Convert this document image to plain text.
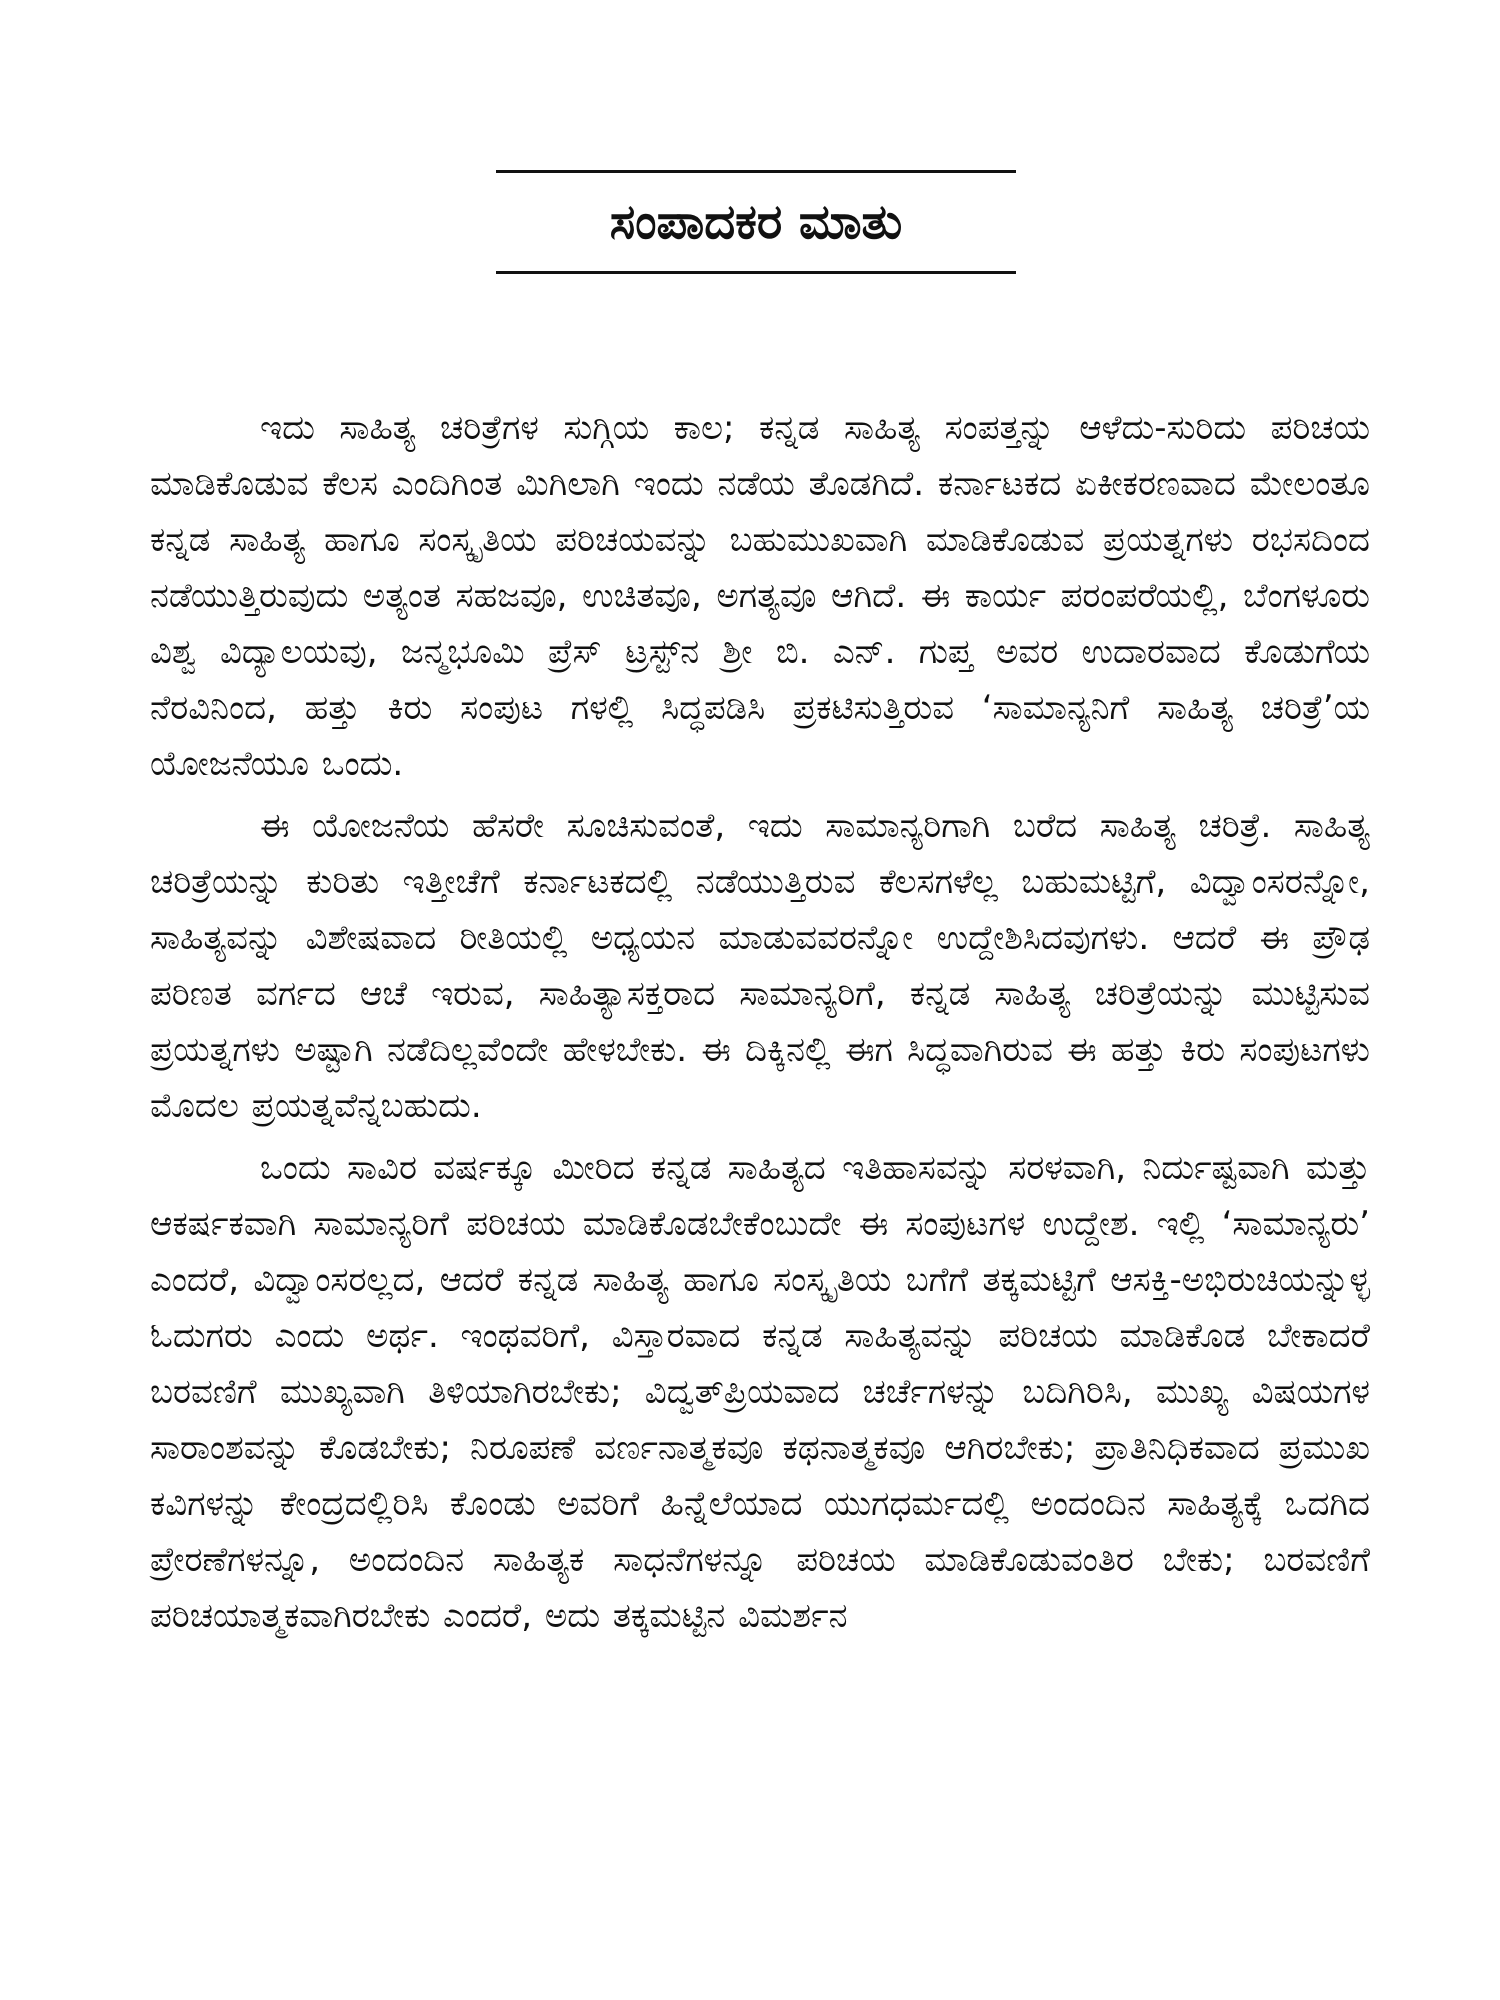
ಸಂಪಾದಕರ ಮಾತು

ಇದು ಸಾಹಿತ್ಯ ಚರಿತ್ರೆಗಳ ಸುಗ್ಗಿಯ ಕಾಲ; ಕನ್ನಡ ಸಾಹಿತ್ಯ ಸಂಪತ್ತನ್ನು ಆಳೆದು-ಸುರಿದು ಪರಿಚಯ ಮಾಡಿಕೊಡುವ ಕೆಲಸ ಎಂದಿಗಿಂತ ಮಿಗಿಲಾಗಿ ಇಂದು ನಡೆಯ ತೊಡಗಿದೆ. ಕರ್ನಾಟಕದ ಏಕೀಕರಣವಾದ ಮೇಲಂತೂ ಕನ್ನಡ ಸಾಹಿತ್ಯ ಹಾಗೂ ಸಂಸ್ಕೃತಿಯ ಪರಿಚಯವನ್ನು ಬಹುಮುಖವಾಗಿ ಮಾಡಿಕೊಡುವ ಪ್ರಯತ್ನಗಳು ರಭಸದಿಂದ ನಡೆಯುತ್ತಿರುವುದು ಅತ್ಯಂತ ಸಹಜವೂ, ಉಚಿತವೂ, ಅಗತ್ಯವೂ ಆಗಿದೆ. ಈ ಕಾರ್ಯ ಪರಂಪರೆಯಲ್ಲಿ, ಬೆಂಗಳೂರು ವಿಶ್ವ ವಿದ್ಯಾಲಯವು, ಜನ್ಮಭೂಮಿ ಪ್ರೆಸ್ ಟ್ರಸ್ಟ್‌ನ ಶ್ರೀ ಬಿ. ಎನ್. ಗುಪ್ತ ಅವರ ಉದಾರವಾದ ಕೊಡುಗೆಯ ನೆರವಿನಿಂದ, ಹತ್ತು ಕಿರು ಸಂಪುಟ ಗಳಲ್ಲಿ ಸಿದ್ಧಪಡಿಸಿ ಪ್ರಕಟಿಸುತ್ತಿರುವ ‘ಸಾಮಾನ್ಯನಿಗೆ ಸಾಹಿತ್ಯ ಚರಿತ್ರೆ’ಯ ಯೋಜನೆಯೂ ಒಂದು.

ಈ ಯೋಜನೆಯ ಹೆಸರೇ ಸೂಚಿಸುವಂತೆ, ಇದು ಸಾಮಾನ್ಯರಿಗಾಗಿ ಬರೆದ ಸಾಹಿತ್ಯ ಚರಿತ್ರೆ. ಸಾಹಿತ್ಯ ಚರಿತ್ರೆಯನ್ನು ಕುರಿತು ಇತ್ತೀಚೆಗೆ ಕರ್ನಾಟಕದಲ್ಲಿ ನಡೆಯುತ್ತಿರುವ ಕೆಲಸಗಳೆಲ್ಲ ಬಹುಮಟ್ಟಿಗೆ, ವಿದ್ವಾಂಸರನ್ನೋ, ಸಾಹಿತ್ಯವನ್ನು ವಿಶೇಷವಾದ ರೀತಿಯಲ್ಲಿ ಅಧ್ಯಯನ ಮಾಡುವವರನ್ನೋ ಉದ್ದೇಶಿಸಿದವುಗಳು. ಆದರೆ ಈ ಪ್ರೌಢ ಪರಿಣತ ವರ್ಗದ ಆಚೆ ಇರುವ, ಸಾಹಿತ್ಯಾಸಕ್ತರಾದ ಸಾಮಾನ್ಯರಿಗೆ, ಕನ್ನಡ ಸಾಹಿತ್ಯ ಚರಿತ್ರೆಯನ್ನು ಮುಟ್ಟಿಸುವ ಪ್ರಯತ್ನಗಳು ಅಷ್ಟಾಗಿ ನಡೆದಿಲ್ಲವೆಂದೇ ಹೇಳಬೇಕು. ಈ ದಿಕ್ಕಿನಲ್ಲಿ ಈಗ ಸಿದ್ಧವಾಗಿರುವ ಈ ಹತ್ತು ಕಿರು ಸಂಪುಟಗಳು ಮೊದಲ ಪ್ರಯತ್ನವೆನ್ನಬಹುದು.

ಒಂದು ಸಾವಿರ ವರ್ಷಕ್ಕೂ ಮೀರಿದ ಕನ್ನಡ ಸಾಹಿತ್ಯದ ಇತಿಹಾಸವನ್ನು ಸರಳವಾಗಿ, ನಿರ್ದುಷ್ಟವಾಗಿ ಮತ್ತು ಆಕರ್ಷಕವಾಗಿ ಸಾಮಾನ್ಯರಿಗೆ ಪರಿಚಯ ಮಾಡಿಕೊಡಬೇಕೆಂಬುದೇ ಈ ಸಂಪುಟಗಳ ಉದ್ದೇಶ. ಇಲ್ಲಿ ‘ಸಾಮಾನ್ಯರು’ ಎಂದರೆ, ವಿದ್ವಾಂಸರಲ್ಲದ, ಆದರೆ ಕನ್ನಡ ಸಾಹಿತ್ಯ ಹಾಗೂ ಸಂಸ್ಕೃತಿಯ ಬಗೆಗೆ ತಕ್ಕಮಟ್ಟಿಗೆ ಆಸಕ್ತಿ-ಅಭಿರುಚಿಯನ್ನುಳ್ಳ ಓದುಗರು ಎಂದು ಅರ್ಥ. ಇಂಥವರಿಗೆ, ವಿಸ್ತಾರವಾದ ಕನ್ನಡ ಸಾಹಿತ್ಯವನ್ನು ಪರಿಚಯ ಮಾಡಿಕೊಡ ಬೇಕಾದರೆ ಬರವಣಿಗೆ ಮುಖ್ಯವಾಗಿ ತಿಳಿಯಾಗಿರಬೇಕು; ವಿದ್ವತ್‌ಪ್ರಿಯವಾದ ಚರ್ಚೆಗಳನ್ನು ಬದಿಗಿರಿಸಿ, ಮುಖ್ಯ ವಿಷಯಗಳ ಸಾರಾಂಶವನ್ನು ಕೊಡಬೇಕು; ನಿರೂಪಣೆ ವರ್ಣನಾತ್ಮಕವೂ ಕಥನಾತ್ಮಕವೂ ಆಗಿರಬೇಕು; ಪ್ರಾತಿನಿಧಿಕವಾದ ಪ್ರಮುಖ ಕವಿಗಳನ್ನು ಕೇಂದ್ರದಲ್ಲಿರಿಸಿ ಕೊಂಡು ಅವರಿಗೆ ಹಿನ್ನೆಲೆಯಾದ ಯುಗಧರ್ಮದಲ್ಲಿ ಅಂದಂದಿನ ಸಾಹಿತ್ಯಕ್ಕೆ ಒದಗಿದ ಪ್ರೇರಣೆಗಳನ್ನೂ, ಅಂದಂದಿನ ಸಾಹಿತ್ಯಕ ಸಾಧನೆಗಳನ್ನೂ ಪರಿಚಯ ಮಾಡಿಕೊಡುವಂತಿರ ಬೇಕು; ಬರವಣಿಗೆ ಪರಿಚಯಾತ್ಮಕವಾಗಿರಬೇಕು ಎಂದರೆ, ಅದು ತಕ್ಕಮಟ್ಟಿನ ವಿಮರ್ಶನ
